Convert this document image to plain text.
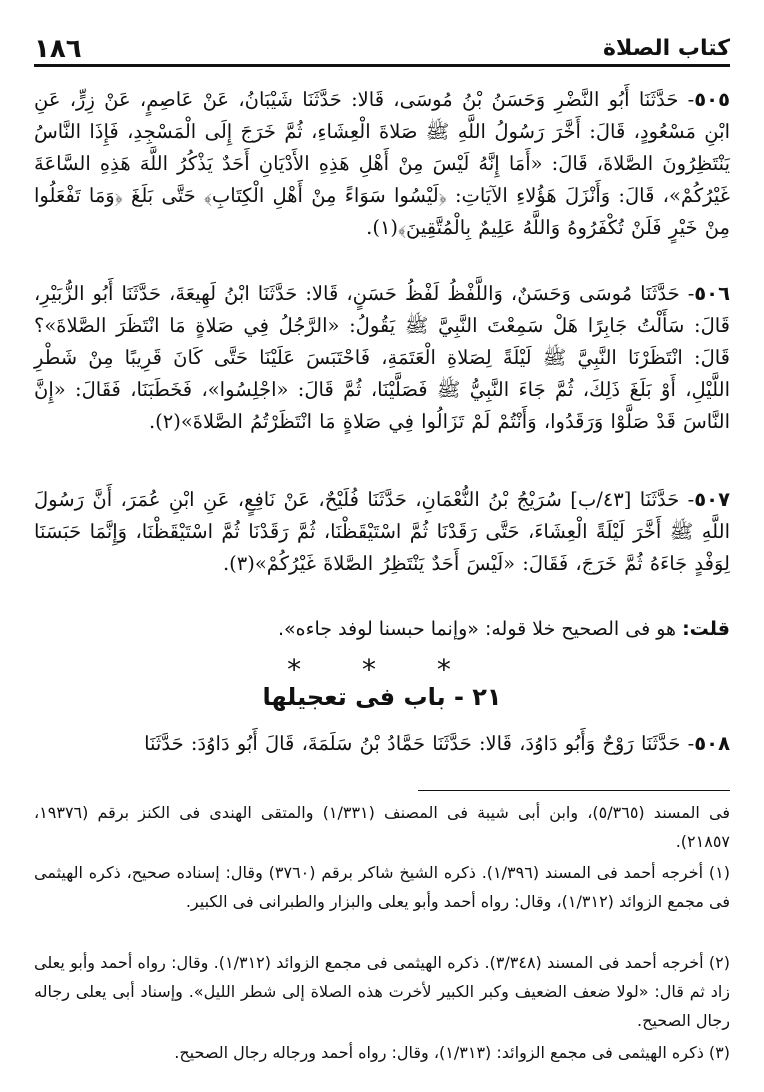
١٨٦	كتاب الصلاة
٥٠٥- حَدَّثَنَا أَبُو النَّضْرِ وَحَسَنُ بْنُ مُوسَى، قَالا: حَدَّثَنَا شَيْبَانُ، عَنْ عَاصِمٍ، عَنْ زِرٍّ، عَنِ ابْنِ مَسْعُودٍ، قَالَ: أَخَّرَ رَسُولُ اللَّهِ ﷺ صَلاةَ الْعِشَاءِ، ثُمَّ خَرَجَ إِلَى الْمَسْجِدِ، فَإِذَا النَّاسُ يَنْتَظِرُونَ الصَّلاةَ، قَالَ: «أَمَا إِنَّهُ لَيْسَ مِنْ أَهْلِ هَذِهِ الأَدْيَانِ أَحَدٌ يَذْكُرُ اللَّهَ هَذِهِ السَّاعَةَ غَيْرُكُمْ»، قَالَ: وَأَنْزَلَ هَؤُلاءِ الآيَاتِ: ﴿لَيْسُوا سَوَاءً مِنْ أَهْلِ الْكِتَابِ﴾ حَتَّى بَلَغَ ﴿وَمَا تَفْعَلُوا مِنْ خَيْرٍ فَلَنْ تُكْفَرُوهُ وَاللَّهُ عَلِيمٌ بِالْمُتَّقِينَ﴾(١).
٥٠٦- حَدَّثَنَا مُوسَى وَحَسَنٌ، وَاللَّفْظُ لَفْظُ حَسَنٍ، قَالا: حَدَّثَنَا ابْنُ لَهِيعَةَ، حَدَّثَنَا أَبُو الزُّبَيْرِ، قَالَ: سَأَلْتُ جَابِرًا هَلْ سَمِعْتَ النَّبِيَّ ﷺ يَقُولُ: «الرَّجُلُ فِي صَلاةٍ مَا انْتَظَرَ الصَّلاةَ»؟ قَالَ: انْتَظَرْنَا النَّبِيَّ ﷺ لَيْلَةً لِصَلاةِ الْعَتَمَةِ، فَاحْتَبَسَ عَلَيْنَا حَتَّى كَانَ قَرِيبًا مِنْ شَطْرِ اللَّيْلِ، أَوْ بَلَغَ ذَلِكَ، ثُمَّ جَاءَ النَّبِيُّ ﷺ فَصَلَّيْنَا، ثُمَّ قَالَ: «اجْلِسُوا»، فَخَطَبَنَا، فَقَالَ: «إِنَّ النَّاسَ قَدْ صَلَّوْا وَرَقَدُوا، وَأَنْتُمْ لَمْ تَزَالُوا فِي صَلاةٍ مَا انْتَظَرْتُمُ الصَّلاةَ»(٢).
٥٠٧- حَدَّثَنَا [٤٣/ب] سُرَيْجُ بْنُ النُّعْمَانِ، حَدَّثَنَا فُلَيْحٌ، عَنْ نَافِعٍ، عَنِ ابْنِ عُمَرَ، أَنَّ رَسُولَ اللَّهِ ﷺ أَخَّرَ لَيْلَةً الْعِشَاءَ، حَتَّى رَقَدْنَا ثُمَّ اسْتَيْقَظْنَا، ثُمَّ رَقَدْنَا ثُمَّ اسْتَيْقَظْنَا، وَإِنَّمَا حَبَسَنَا لِوَفْدٍ جَاءَهُ ثُمَّ خَرَجَ، فَقَالَ: «لَيْسَ أَحَدٌ يَنْتَظِرُ الصَّلاةَ غَيْرُكُمْ»(٣).
قلت: هو فى الصحيح خلا قوله: «وإنما حبسنا لوفد جاءه».
* * *
٢١ - باب فى تعجيلها
٥٠٨- حَدَّثَنَا رَوْحٌ وَأَبُو دَاوُدَ، قَالا: حَدَّثَنَا حَمَّادُ بْنُ سَلَمَةَ، قَالَ أَبُو دَاوُدَ: حَدَّثَنَا
فى المسند (٥/٣٦٥)، وابن أبى شيبة فى المصنف (١/٣٣١) والمتقى الهندى فى الكنز برقم (١٩٣٧٦، ٢١٨٥٧).
(١) أخرجه أحمد فى المسند (١/٣٩٦). ذكره الشيخ شاكر برقم (٣٧٦٠) وقال: إسناده صحيح، ذكره الهيثمى فى مجمع الزوائد (١/٣١٢)، وقال: رواه أحمد وأبو يعلى والبزار والطبرانى فى الكبير.
(٢) أخرجه أحمد فى المسند (٣/٣٤٨). ذكره الهيثمى فى مجمع الزوائد (١/٣١٢). وقال: رواه أحمد وأبو يعلى زاد ثم قال: «لولا ضعف الضعيف وكبر الكبير لأخرت هذه الصلاة إلى شطر الليل». وإسناد أبى يعلى رجاله رجال الصحيح.
(٣) ذكره الهيثمى فى مجمع الزوائد: (١/٣١٣)، وقال: رواه أحمد ورجاله رجال الصحيح.
